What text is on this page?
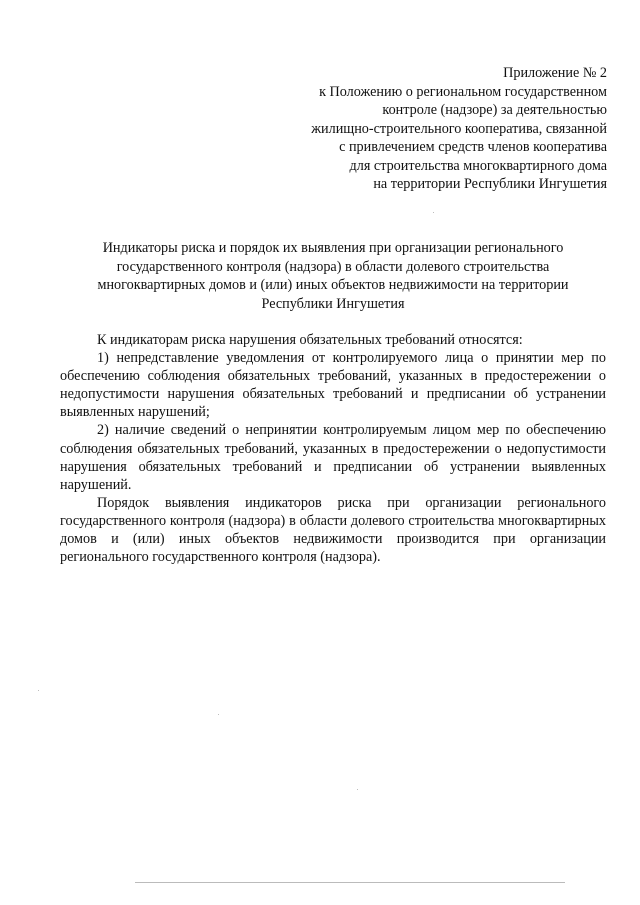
Приложение № 2
к Положению о региональном государственном
контроле (надзоре) за деятельностью
жилищно-строительного кооператива, связанной
с привлечением средств членов кооператива
для строительства многоквартирного дома
на территории Республики Ингушетия
Индикаторы риска и порядок их выявления при организации регионального
государственного контроля (надзора) в области долевого строительства
многоквартирных домов и (или) иных объектов недвижимости на территории
Республики Ингушетия

К индикаторам риска нарушения обязательных требований относятся:

1) непредставление уведомления от контролируемого лица о принятии мер по обеспечению соблюдения обязательных требований, указанных в предостережении о недопустимости нарушения обязательных требований и предписании об устранении выявленных нарушений;

2) наличие сведений о непринятии контролируемым лицом мер по обеспечению соблюдения обязательных требований, указанных в предостережении о недопустимости нарушения обязательных требований и предписании об устранении выявленных нарушений.

Порядок выявления индикаторов риска при организации регионального государственного контроля (надзора) в области долевого строительства многоквартирных домов и (или) иных объектов недвижимости производится при организации регионального государственного контроля (надзора).
